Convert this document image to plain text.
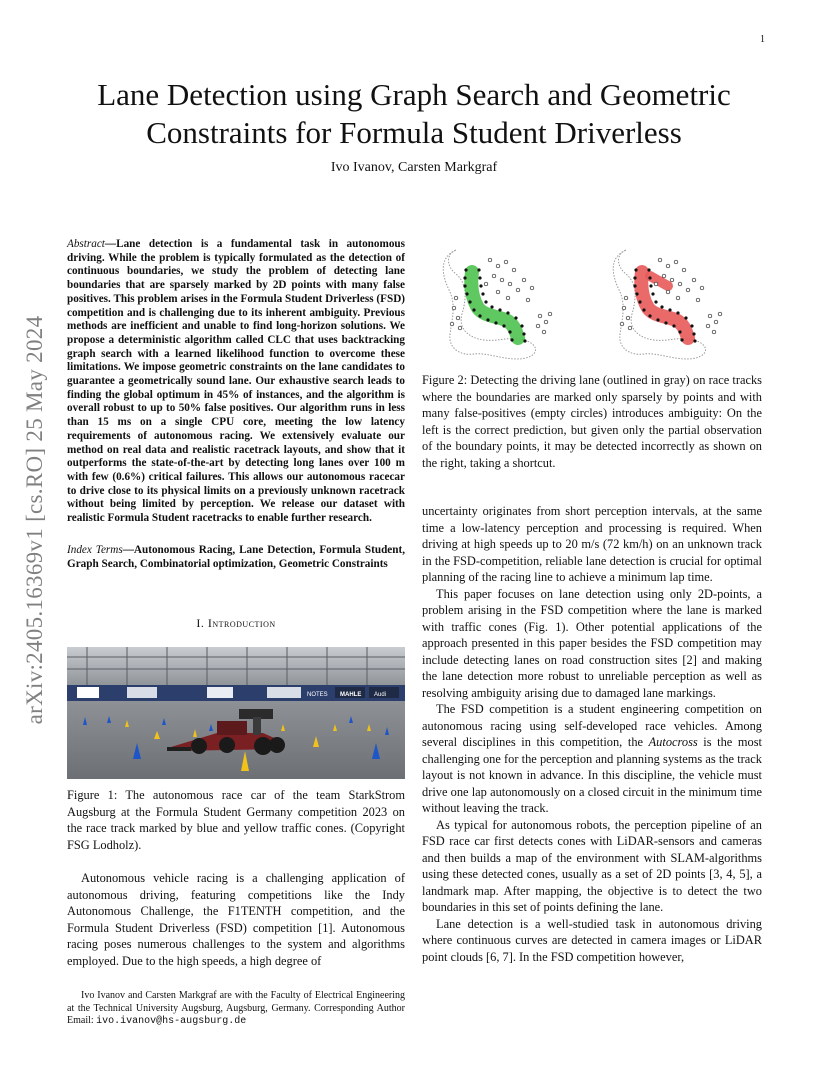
1
arXiv:2405.16369v1 [cs.RO] 25 May 2024
Lane Detection using Graph Search and Geometric
Constraints for Formula Student Driverless
Ivo Ivanov, Carsten Markgraf
Abstract—Lane detection is a fundamental task in autonomous driving. While the problem is typically formulated as the detection of continuous boundaries, we study the problem of detecting lane boundaries that are sparsely marked by 2D points with many false positives. This problem arises in the Formula Student Driverless (FSD) competition and is challenging due to its inherent ambiguity. Previous methods are inefficient and unable to find long-horizon solutions. We propose a deterministic algorithm called CLC that uses backtracking graph search with a learned likelihood function to overcome these limitations. We impose geometric constraints on the lane candidates to guarantee a geometrically sound lane. Our exhaustive search leads to finding the global optimum in 45% of instances, and the algorithm is overall robust to up to 50% false positives. Our algorithm runs in less than 15 ms on a single CPU core, meeting the low latency requirements of autonomous racing. We extensively evaluate our method on real data and realistic racetrack layouts, and show that it outperforms the state-of-the-art by detecting long lanes over 100 m with few (0.6%) critical failures. This allows our autonomous racecar to drive close to its physical limits on a previously unknown racetrack without being limited by perception. We release our dataset with realistic Formula Student racetracks to enable further research.
Index Terms—Autonomous Racing, Lane Detection, Formula Student, Graph Search, Combinatorial optimization, Geometric Constraints
I. Introduction
NOTES MAHLE Audi
Figure 1: The autonomous race car of the team StarkStrom Augsburg at the Formula Student Germany competition 2023 on the race track marked by blue and yellow traffic cones. (Copyright FSG Lodholz).

Autonomous vehicle racing is a challenging application of autonomous driving, featuring competitions like the Indy Autonomous Challenge, the F1TENTH competition, and the Formula Student Driverless (FSD) competition [1]. Autonomous racing poses numerous challenges to the system and algorithms employed. Due to the high speeds, a high degree of

Ivo Ivanov and Carsten Markgraf are with the Faculty of Electrical Engineering at the Technical University Augsburg, Augsburg, Germany. Corresponding Author Email: ivo.ivanov@hs-augsburg.de
Figure 2: Detecting the driving lane (outlined in gray) on race tracks where the boundaries are marked only sparsely by points and with many false-positives (empty circles) introduces ambiguity: On the left is the correct prediction, but given only the partial observation of the boundary points, it may be detected incorrectly as shown on the right, taking a shortcut.

uncertainty originates from short perception intervals, at the same time a low-latency perception and processing is required. When driving at high speeds up to 20 m/s (72 km/h) on an unknown track in the FSD-competition, reliable lane detection is crucial for optimal planning of the racing line to achieve a minimum lap time.

This paper focuses on lane detection using only 2D-points, a problem arising in the FSD competition where the lane is marked with traffic cones (Fig. 1). Other potential applications of the approach presented in this paper besides the FSD competition may include detecting lanes on road construction sites [2] and making the lane detection more robust to unreliable perception as well as resolving ambiguity arising due to damaged lane markings.

The FSD competition is a student engineering competition on autonomous racing using self-developed race vehicles. Among several disciplines in this competition, the Autocross is the most challenging one for the perception and planning systems as the track layout is not known in advance. In this discipline, the vehicle must drive one lap autonomously on a closed circuit in the minimum time without leaving the track.

As typical for autonomous robots, the perception pipeline of an FSD race car first detects cones with LiDAR-sensors and cameras and then builds a map of the environment with SLAM-algorithms using these detected cones, usually as a set of 2D points [3, 4, 5], a landmark map. After mapping, the objective is to detect the two boundaries in this set of points defining the lane.

Lane detection is a well-studied task in autonomous driving where continuous curves are detected in camera images or LiDAR point clouds [6, 7]. In the FSD competition however,
